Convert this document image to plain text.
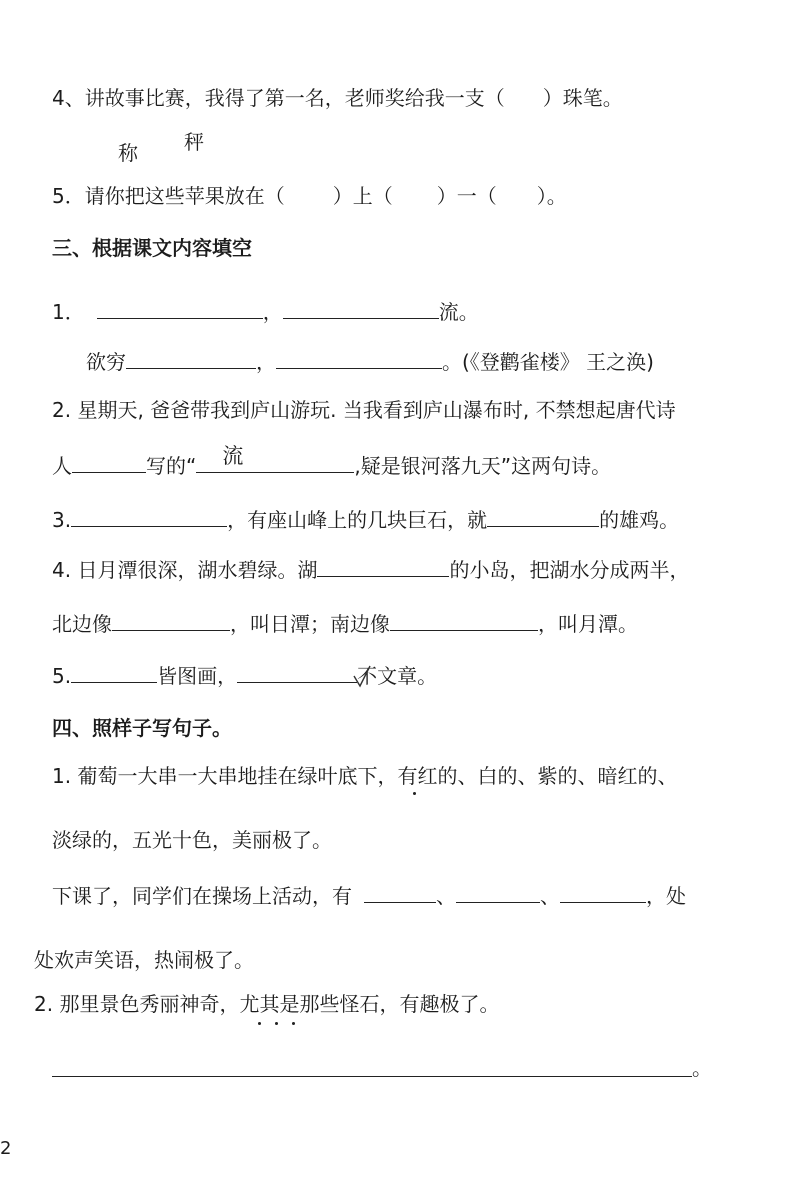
4、讲故事比赛，我得了第一名，老师奖给我一支（ ）珠笔。
称 秤
5．请你把这些苹果放在（ ）上（ ）一（ ）。
三、根据课文内容填空
1．	，	流。
欲穷	，	。(《登鹳雀楼》 王之涣)
2. 星期天, 爸爸带我到庐山游玩. 当我看到庐山瀑布时, 不禁想起唐代诗
人	写的“ 流	,疑是银河落九天”这两句诗。
3.	，有座山峰上的几块巨石，就	的雄鸡。
4. 日月潭很深，湖水碧绿。湖	的小岛，把湖水分成两半，
北边像	，叫日潭；南边像	，叫月潭。
5.	皆图画，	不文章。
四、照样子写句子。
1. 葡萄一大串一大串地挂在绿叶底下，有红的、白的、紫的、暗红的、
淡绿的，五光十色，美丽极了。
下课了，同学们在操场上活动，有	、	、	，处
处欢声笑语，热闹极了。
2. 那里景色秀丽神奇，尤其是那些怪石，有趣极了。
。
2
